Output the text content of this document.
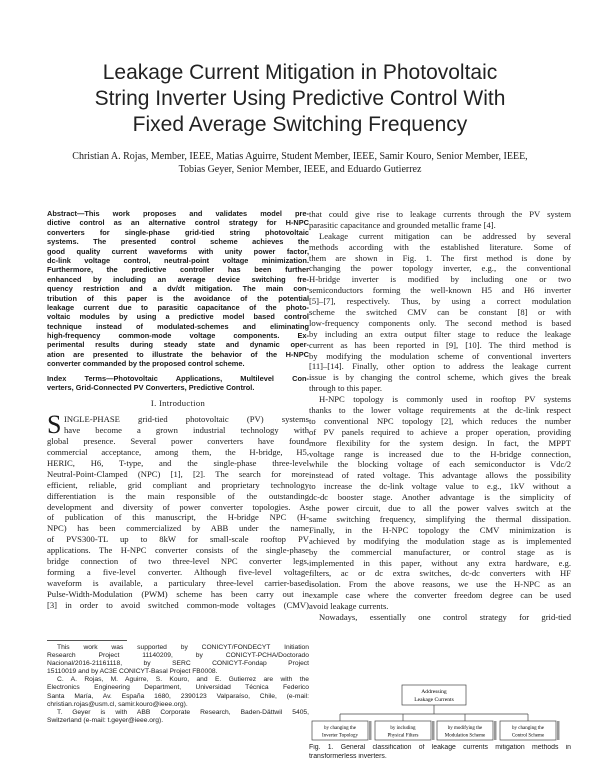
Leakage Current Mitigation in Photovoltaic
String Inverter Using Predictive Control With
Fixed Average Switching Frequency
Christian A. Rojas, Member, IEEE, Matias Aguirre, Student Member, IEEE, Samir Kouro, Senior Member, IEEE,
Tobias Geyer, Senior Member, IEEE, and Eduardo Gutierrez
Abstract—This work proposes and validates model pre-
dictive control as an alternative control strategy for H-NPC
converters for single-phase grid-tied string photovoltaic
systems. The presented control scheme achieves the
good quality current waveforms with unity power factor,
dc-link voltage control, neutral-point voltage minimization.
Furthermore, the predictive controller has been further
enhanced by including an average device switching fre-
quency restriction and a dv/dt mitigation. The main con-
tribution of this paper is the avoidance of the potential
leakage current due to parasitic capacitance of the photo-
voltaic modules by using a predictive model based control
technique instead of modulated-schemes and eliminating
high-frequency common-mode voltage components. Ex-
perimental results during steady state and dynamic oper-
ation are presented to illustrate the behavior of the H-NPC
converter commanded by the proposed control scheme.
Index Terms—Photovoltaic Applications, Multilevel Con-
verters, Grid-Connected PV Converters, Predictive Control.
I. Introduction
S INGLE-PHASE grid-tied photovoltaic (PV) systems
have become a grown industrial technology with
global presence. Several power converters have found
commercial acceptance, among them, the H-bridge, H5,
HERIC, H6, T-type, and the single-phase three-level
Neutral-Point-Clamped (NPC) [1], [2]. The search for more
efficient, reliable, grid compliant and proprietary technology
differentiation is the main responsible of the outstanding
development and diversity of power converter topologies. As
of publication of this manuscript, the H-bridge NPC (H-
NPC) has been commercialized by ABB under the name
of PVS300-TL up to 8kW for small-scale rooftop PV
applications. The H-NPC converter consists of the single-phase
bridge connection of two three-level NPC converter legs,
forming a five-level converter. Although five-level voltage
waveform is available, a particulary three-level carrier-based
Pulse-Width-Modulation (PWM) scheme has been carry out in
[3] in order to avoid switched common-mode voltages (CMV)
This work was supported by CONICYT/FONDECYT Initiation
Research Project 11140209, by CONICYT-PCHA/Doctorado
Nacional/2016-21161118, by SERC CONICYT-Fondap Project
15110019 and by AC3E CONICYT-Basal Project FB0008.
C. A. Rojas, M. Aguirre, S. Kouro, and E. Gutierrez are with the
Electronics Engineering Department, Universidad Técnica Federico
Santa María, Av. España 1680, 2390123 Valparaíso, Chile, (e-mail:
christian.rojas@usm.cl, samir.kouro@ieee.org).
T. Geyer is with ABB Corporate Research, Baden-Dättwil 5405,
Switzerland (e-mail: t.geyer@ieee.org).
that could give rise to leakage currents through the PV system
parasitic capacitance and grounded metallic frame [4].
Leakage current mitigation can be addressed by several
methods according with the established literature. Some of
them are shown in Fig. 1. The first method is done by
changing the power topology inverter, e.g., the conventional
H-bridge inverter is modified by including one or two
semiconductors forming the well-known H5 and H6 inverter
[5]–[7], respectively. Thus, by using a correct modulation
scheme the switched CMV can be constant [8] or with
low-frequency components only. The second method is based
by including an extra output filter stage to reduce the leakage
current as has been reported in [9], [10]. The third method is
by modifying the modulation scheme of conventional inverters
[11]–[14]. Finally, other option to address the leakage current
issue is by changing the control scheme, which gives the break
through to this paper.
H-NPC topology is commonly used in rooftop PV systems
thanks to the lower voltage requirements at the dc-link respect
to conventional NPC topology [2], which reduces the number
of PV panels required to achieve a proper operation, providing
more flexibility for the system design. In fact, the MPPT
voltage range is increased due to the H-bridge connection,
while the blocking voltage of each semiconductor is Vdc/2
instead of rated voltage. This advantage allows the possibility
to increase the dc-link voltage value to e.g., 1kV without a
dc-dc booster stage. Another advantage is the simplicity of
the power circuit, due to all the power valves switch at the
same switching frequency, simplifying the thermal dissipation.
Finally, in the H-NPC topology the CMV minimization is
achieved by modifying the modulation stage as is implemented
by the commercial manufacturer, or control stage as is
implemented in this paper, without any extra hardware, e.g.
filters, ac or dc extra switches, dc-dc converters with HF
isolation. From the above reasons, we use the H-NPC as an
example case where the converter freedom degree can be used
avoid leakage currents.
Nowadays, essentially one control strategy for grid-tied
Addressing
Leakage Currents
by changing the
Inverter Topology
by including
Physical Filters
by modifying the
Modulation Scheme
by changing the
Control Scheme
Fig. 1. General classification of leakage currents mitigation methods in
transformerless inverters.
